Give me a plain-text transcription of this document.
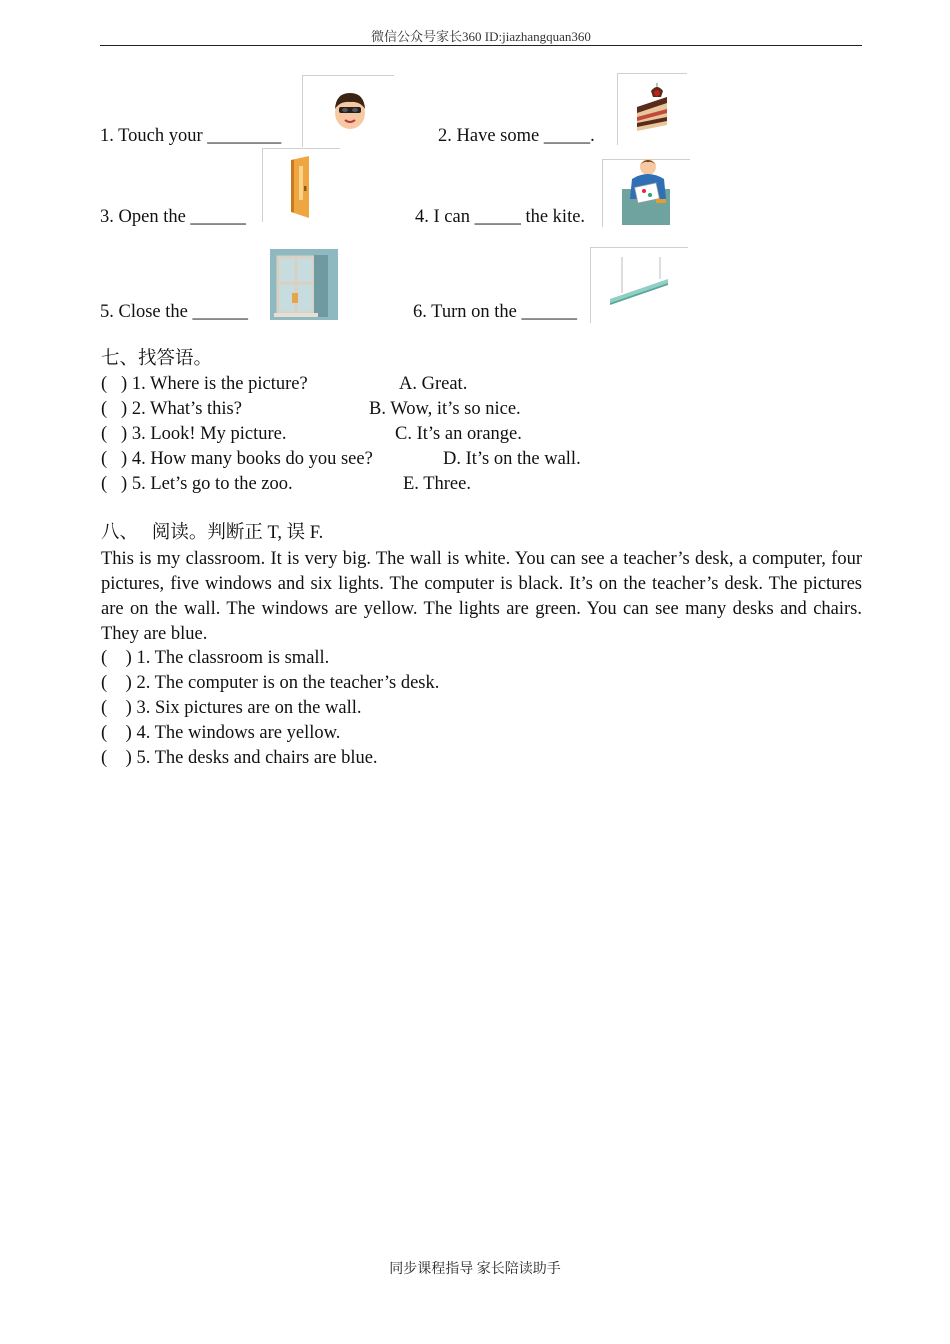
微信公众号家长360 ID:jiazhangquan360
1. Touch your ________	2. Have some _____.
3. Open the ______	4. I can _____ the kite.
5. Close the ______	6. Turn on the ______
七、找答语。
(   ) 1. Where is the picture?	A. Great.
(   ) 2. What’s this?	B. Wow, it’s so nice.
(   ) 3. Look! My picture.	C. It’s an orange.
(   ) 4. How many books do you see?	D. It’s on the wall.
(   ) 5. Let’s go to the zoo.	E. Three.
八、   阅读。判断正 T, 误 F.
This is my classroom. It is very big. The wall is white. You can see a teacher’s desk, a computer, four pictures, five windows and six lights. The computer is black. It’s on the teacher’s desk. The pictures are on the wall. The windows are yellow. The lights are green. You can see many desks and chairs. They are blue.
(    ) 1. The classroom is small.
(    ) 2. The computer is on the teacher’s desk.
(    ) 3. Six pictures are on the wall.
(    ) 4. The windows are yellow.
(    ) 5. The desks and chairs are blue.
同步课程指导 家长陪读助手
